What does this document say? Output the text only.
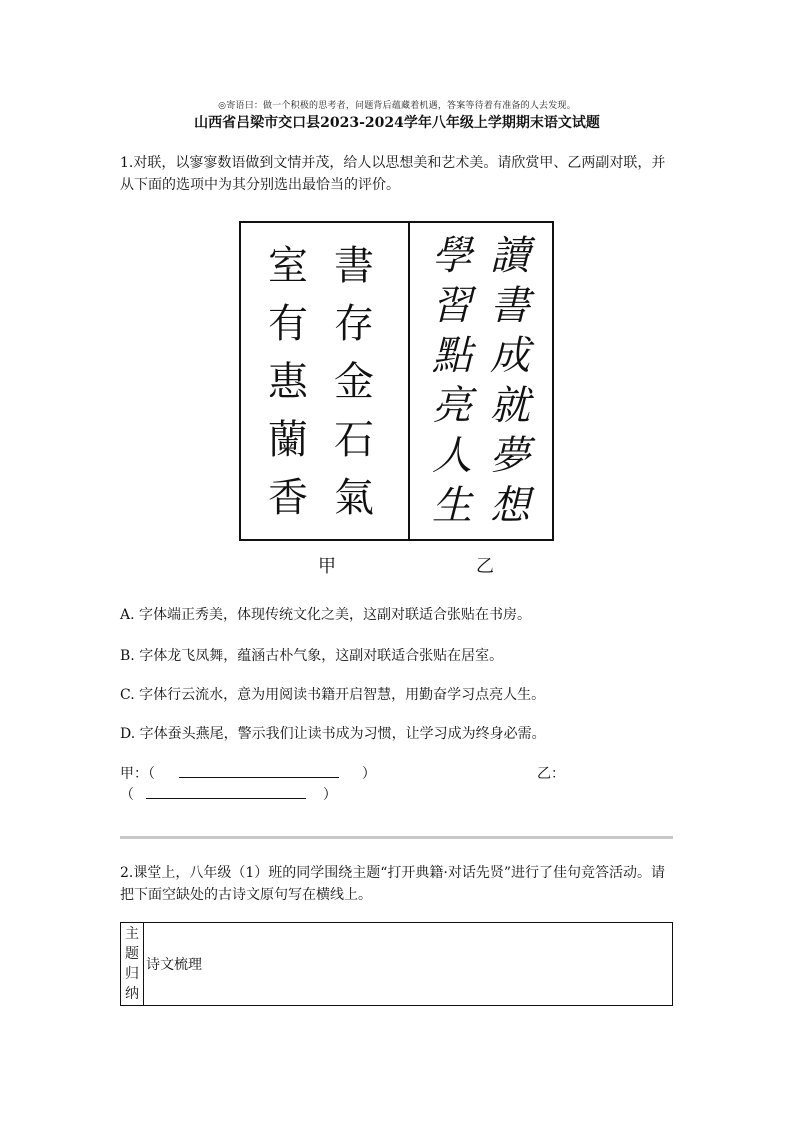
◎寄语曰：做一个积极的思考者，问题背后蕴藏着机遇，答案等待着有准备的人去发现。
山西省吕梁市交口县2023-2024学年八年级上学期期末语文试题
1.对联，以寥寥数语做到文情并茂，给人以思想美和艺术美。请欣赏甲、乙两副对联，并从下面的选项中为其分别选出最恰当的评价。
書
存
金
石
氣
室
有
惠
蘭
香
讀
書
成
就
夢
想
學
習
點
亮
人
生
甲	乙
A. 字体端正秀美，体现传统文化之美，这副对联适合张贴在书房。
B. 字体龙飞凤舞，蕴涵古朴气象，这副对联适合张贴在居室。
C. 字体行云流水，意为用阅读书籍开启智慧，用勤奋学习点亮人生。
D. 字体蚕头燕尾，警示我们让读书成为习惯，让学习成为终身必需。
甲：（	）	乙：
（	）
2.课堂上，八年级（1）班的同学围绕主题“打开典籍·对话先贤”进行了佳句竞答活动。请把下面空缺处的古诗文原句写在横线上。
主
题
归
纳
	诗文梳理
